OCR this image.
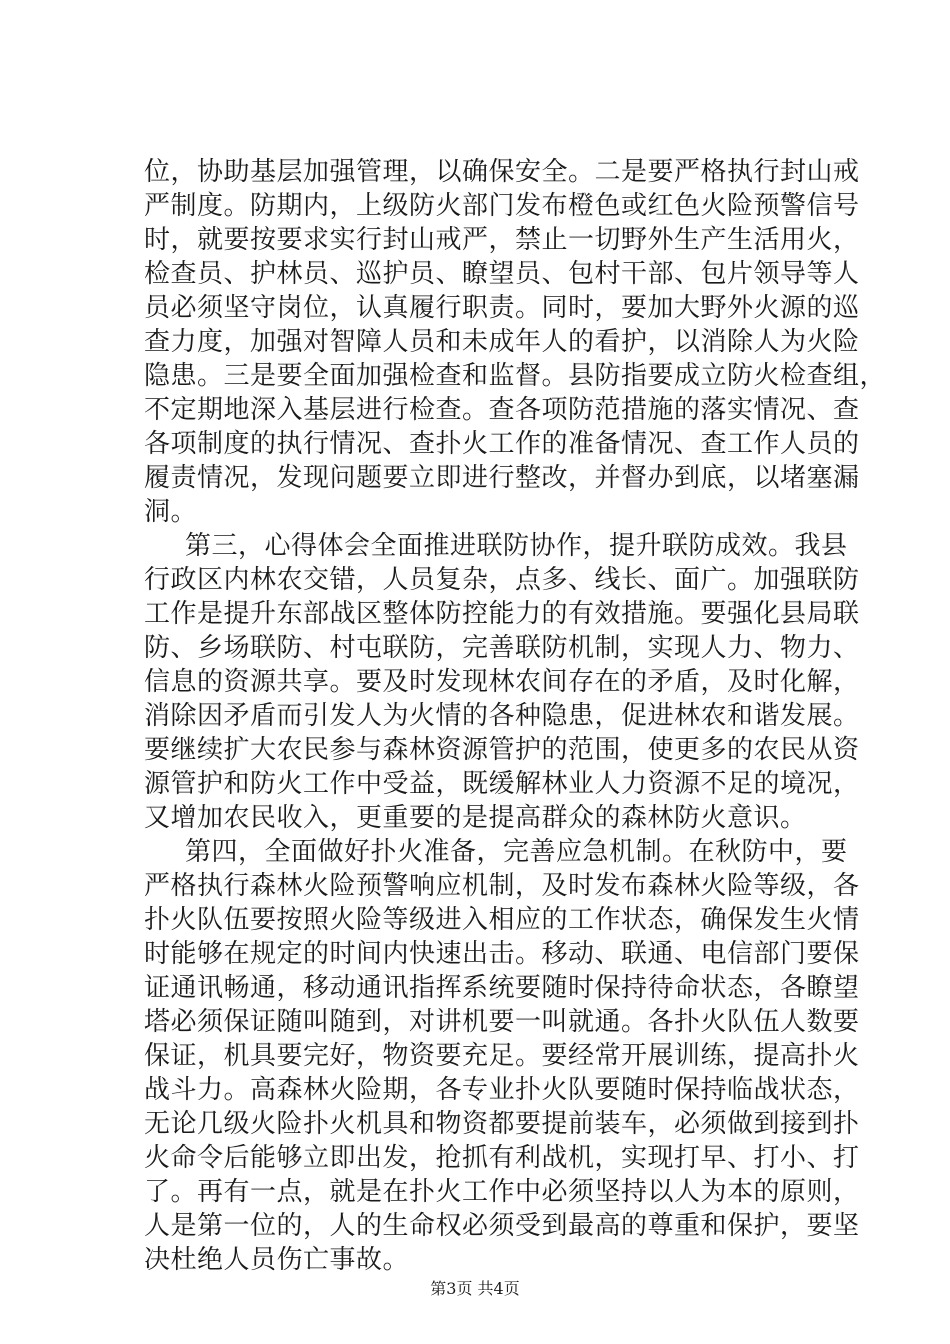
位，协助基层加强管理，以确保安全。二是要严格执行封山戒
严制度。防期内，上级防火部门发布橙色或红色火险预警信号
时，就要按要求实行封山戒严，禁止一切野外生产生活用火，
检查员、护林员、巡护员、瞭望员、包村干部、包片领导等人
员必须坚守岗位，认真履行职责。同时，要加大野外火源的巡
查力度，加强对智障人员和未成年人的看护，以消除人为火险
隐患。三是要全面加强检查和监督。县防指要成立防火检查组，
不定期地深入基层进行检查。查各项防范措施的落实情况、查
各项制度的执行情况、查扑火工作的准备情况、查工作人员的
履责情况，发现问题要立即进行整改，并督办到底，以堵塞漏
洞。
第三，心得体会全面推进联防协作，提升联防成效。我县
行政区内林农交错，人员复杂，点多、线长、面广。加强联防
工作是提升东部战区整体防控能力的有效措施。要强化县局联
防、乡场联防、村屯联防，完善联防机制，实现人力、物力、
信息的资源共享。要及时发现林农间存在的矛盾，及时化解，
消除因矛盾而引发人为火情的各种隐患，促进林农和谐发展。
要继续扩大农民参与森林资源管护的范围，使更多的农民从资
源管护和防火工作中受益，既缓解林业人力资源不足的境况，
又增加农民收入，更重要的是提高群众的森林防火意识。
第四，全面做好扑火准备，完善应急机制。在秋防中，要
严格执行森林火险预警响应机制，及时发布森林火险等级，各
扑火队伍要按照火险等级进入相应的工作状态，确保发生火情
时能够在规定的时间内快速出击。移动、联通、电信部门要保
证通讯畅通，移动通讯指挥系统要随时保持待命状态，各瞭望
塔必须保证随叫随到，对讲机要一叫就通。各扑火队伍人数要
保证，机具要完好，物资要充足。要经常开展训练，提高扑火
战斗力。高森林火险期，各专业扑火队要随时保持临战状态，
无论几级火险扑火机具和物资都要提前装车，必须做到接到扑
火命令后能够立即出发，抢抓有利战机，实现打早、打小、打
了。再有一点，就是在扑火工作中必须坚持以人为本的原则，
人是第一位的，人的生命权必须受到最高的尊重和保护，要坚
决杜绝人员伤亡事故。
第3页 共4页
